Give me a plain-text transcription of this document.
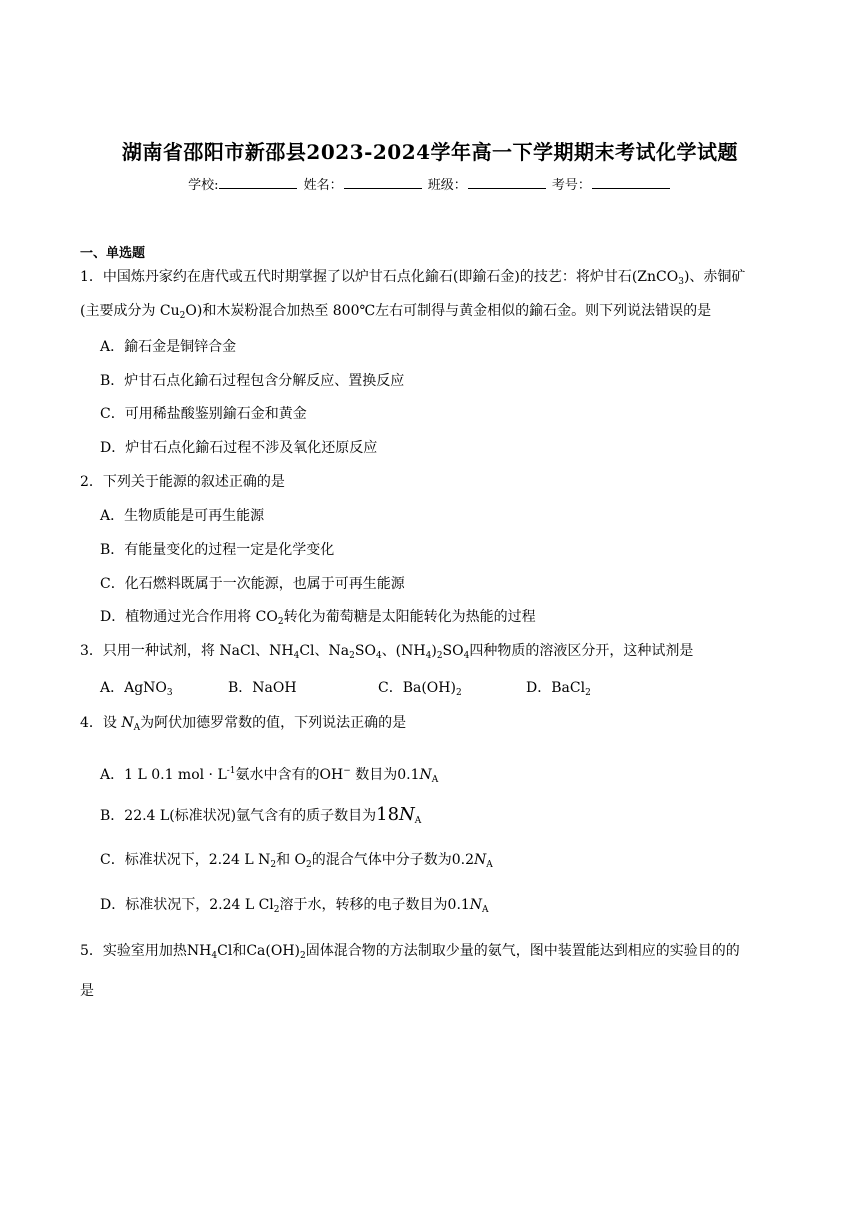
湖南省邵阳市新邵县2023-2024学年高一下学期期末考试化学试题
学校:	姓名：	班级：	考号：
一、单选题
1．中国炼丹家约在唐代或五代时期掌握了以炉甘石点化鍮石(即鍮石金)的技艺：将炉甘石(ZnCO$_3$)、赤铜矿
(主要成分为 $Cu_2O$)和木炭粉混合加热至 800℃左右可制得与黄金相似的鍮石金。则下列说法错误的是
A．鍮石金是铜锌合金
B．炉甘石点化鍮石过程包含分解反应、置换反应
C．可用稀盐酸鉴别鍮石金和黄金
D．炉甘石点化鍮石过程不涉及氧化还原反应
2．下列关于能源的叙述正确的是
A．生物质能是可再生能源
B．有能量变化的过程一定是化学变化
C．化石燃料既属于一次能源，也属于可再生能源
D．植物通过光合作用将 $CO_2$转化为葡萄糖是太阳能转化为热能的过程
3．只用一种试剂，将 NaCl、$NH_4Cl$、$Na_2SO_4$、$(NH_4)_2SO_4$四种物质的溶液区分开，这种试剂是
A．AgNO$_3$	B．NaOH	C．$Ba(OH)_2$	D．BaCl$_2$
4．设 $N_A$为阿伏加德罗常数的值，下列说法正确的是
A．1 L 0.1 mol · $L^{-1}$氨水中含有的OH− 数目为$0.1N_A$
B．22.4 L(标准状况)氩气含有的质子数目为$18N_A$
C．标准状况下，2.24 L $N_2$和 $O_2$的混合气体中分子数为$0.2N_A$
D．标准状况下，2.24 L $Cl_2$溶于水，转移的电子数目为$0.1N_A$
5．实验室用加热$NH_4Cl$和$Ca(OH)_2$固体混合物的方法制取少量的氨气，图中装置能达到相应的实验目的的
是
